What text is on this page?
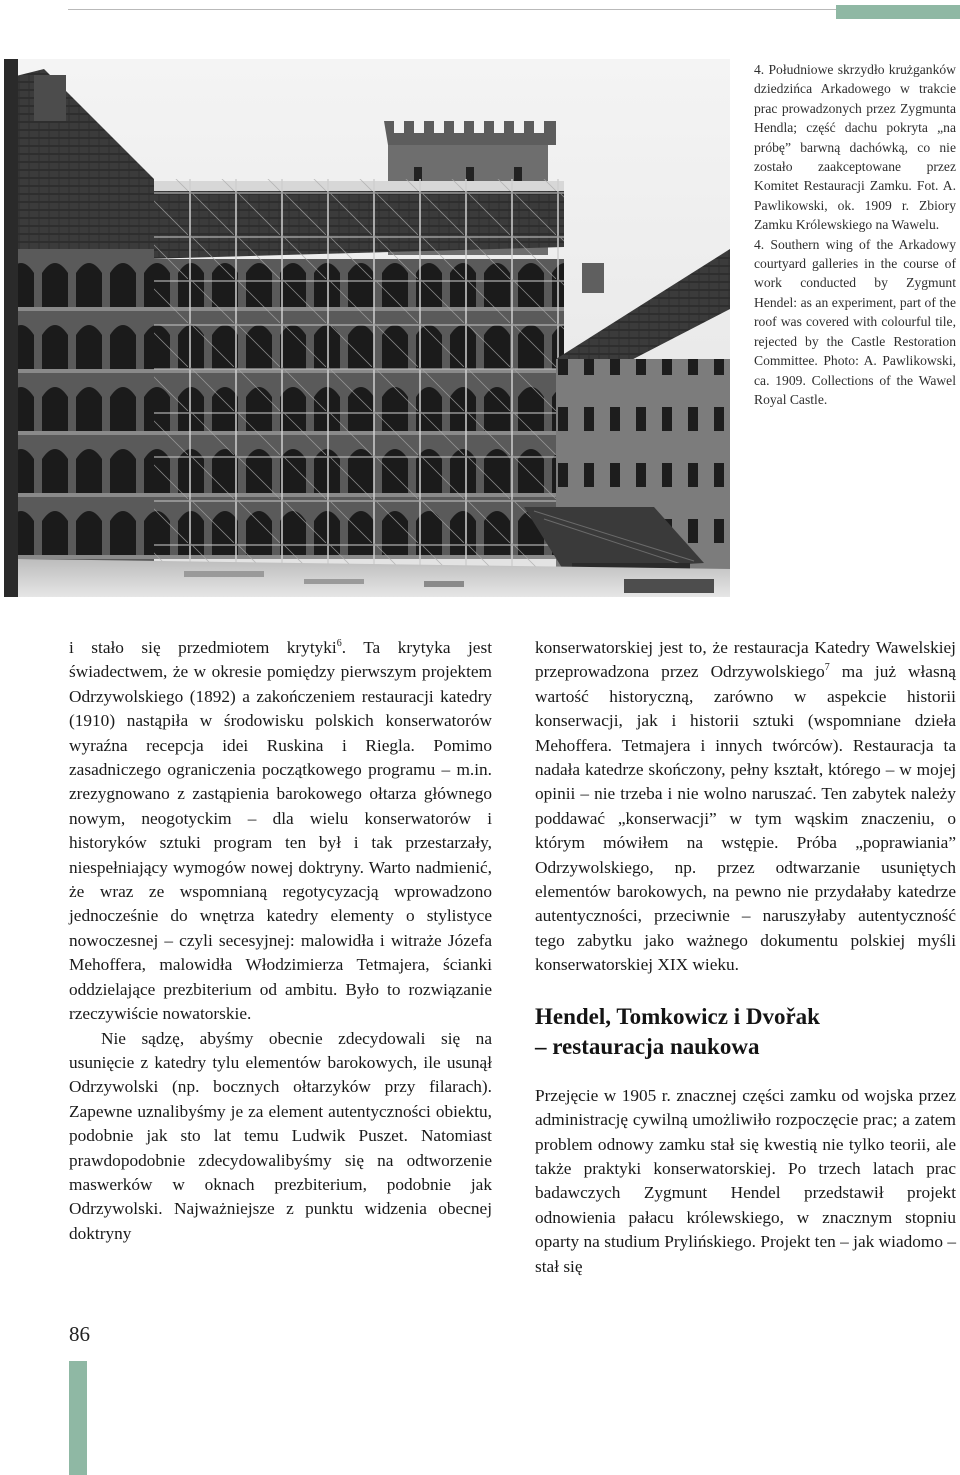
4. Południowe skrzydło krużganków dziedzińca Arkadowego w trakcie prac prowadzonych przez Zygmunta Hendla; część dachu pokryta „na próbę” barwną dachówką, co nie zostało zaakceptowane przez Komitet Restauracji Zamku. Fot. A. Pawlikowski, ok. 1909 r. Zbiory Zamku Królewskiego na Wawelu.

4. Southern wing of the Arkadowy courtyard galleries in the course of work conducted by Zygmunt Hendel: as an experiment, part of the roof was covered with colourful tile, rejected by the Castle Restoration Committee. Photo: A. Pawlikowski, ca. 1909. Collections of the Wawel Royal Castle.

i stało się przedmiotem krytyki$^6$. Ta krytyka jest świadectwem, że w okresie pomiędzy pierwszym projektem Odrzywolskiego (1892) a zakończeniem restauracji katedry (1910) nastąpiła w środowisku polskich konserwatorów wyraźna recepcja idei Ruskina i Riegla. Pomimo zasadniczego ograniczenia początkowego programu – m.in. zrezygnowano z zastąpienia barokowego ołtarza głównego nowym, neogotyckim – dla wielu konserwatorów i historyków sztuki program ten był i tak przestarzały, niespełniający wymogów nowej doktryny. Warto nadmienić, że wraz ze wspomnianą regotycyzacją wprowadzono jednocześnie do wnętrza katedry elementy o stylistyce nowoczesnej – czyli secesyjnej: malowidła i witraże Józefa Mehoffera, malowidła Włodzimierza Tetmajera, ścianki oddzielające prezbiterium od ambitu. Było to rozwiązanie rzeczywiście nowatorskie.

Nie sądzę, abyśmy obecnie zdecydowali się na usunięcie z katedry tylu elementów barokowych, ile usunął Odrzywolski (np. bocznych ołtarzyków przy filarach). Zapewne uznalibyśmy je za element autentyczności obiektu, podobnie jak sto lat temu Ludwik Puszet. Natomiast prawdopodobnie zdecydowalibyśmy się na odtworzenie maswerków w oknach prezbiterium, podobnie jak Odrzywolski. Najważniejsze z punktu widzenia obecnej doktryny

konserwatorskiej jest to, że restauracja Katedry Wawelskiej przeprowadzona przez Odrzywolskiego$^7$ ma już własną wartość historyczną, zarówno w aspekcie historii konserwacji, jak i historii sztuki (wspomniane dzieła Mehoffera. Tetmajera i innych twórców). Restauracja ta nadała katedrze skończony, pełny kształt, którego – w mojej opinii – nie trzeba i nie wolno naruszać. Ten zabytek należy poddawać „konserwacji” w tym wąskim znaczeniu, o którym mówiłem na wstępie. Próba „poprawiania” Odrzywolskiego, np. przez odtwarzanie usuniętych elementów barokowych, na pewno nie przydałaby katedrze autentyczności, przeciwnie – naruszyłaby autentyczność tego zabytku jako ważnego dokumentu polskiej myśli konserwatorskiej XIX wieku.

Hendel, Tomkowicz i Dvořak
– restauracja naukowa

Przejęcie w 1905 r. znacznej części zamku od wojska przez administrację cywilną umożliwiło rozpoczęcie prac; a zatem problem odnowy zamku stał się kwestią nie tylko teorii, ale także praktyki konserwatorskiej. Po trzech latach prac badawczych Zygmunt Hendel przedstawił projekt odnowienia pałacu królewskiego, w znacznym stopniu oparty na studium Prylińskiego. Projekt ten – jak wiadomo – stał się

86
